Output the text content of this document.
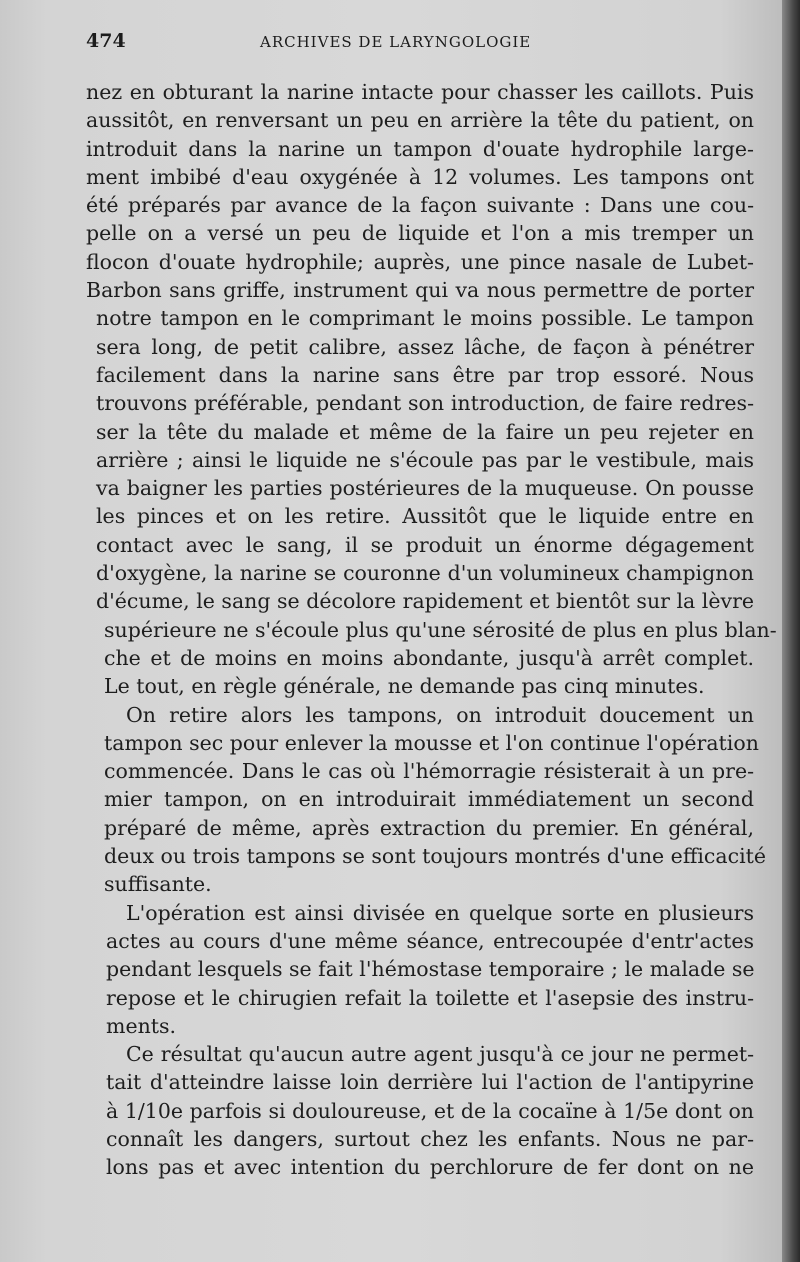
474	ARCHIVES DE LARYNGOLOGIE
nez en obturant la narine intacte pour chasser les caillots. Puis
aussitôt, en renversant un peu en arrière la tête du patient, on
introduit dans la narine un tampon d'ouate hydrophile large-
ment imbibé d'eau oxygénée à 12 volumes. Les tampons ont
été préparés par avance de la façon suivante : Dans une cou-
pelle on a versé un peu de liquide et l'on a mis tremper un
flocon d'ouate hydrophile; auprès, une pince nasale de Lubet-
Barbon sans griffe, instrument qui va nous permettre de porter
notre tampon en le comprimant le moins possible. Le tampon
sera long, de petit calibre, assez lâche, de façon à pénétrer
facilement dans la narine sans être par trop essoré. Nous
trouvons préférable, pendant son introduction, de faire redres-
ser la tête du malade et même de la faire un peu rejeter en
arrière ; ainsi le liquide ne s'écoule pas par le vestibule, mais
va baigner les parties postérieures de la muqueuse. On pousse
les pinces et on les retire. Aussitôt que le liquide entre en
contact avec le sang, il se produit un énorme dégagement
d'oxygène, la narine se couronne d'un volumineux champignon
d'écume, le sang se décolore rapidement et bientôt sur la lèvre
supérieure ne s'écoule plus qu'une sérosité de plus en plus blan-
che et de moins en moins abondante, jusqu'à arrêt complet.
Le tout, en règle générale, ne demande pas cinq minutes.
On retire alors les tampons, on introduit doucement un
tampon sec pour enlever la mousse et l'on continue l'opération
commencée. Dans le cas où l'hémorragie résisterait à un pre-
mier tampon, on en introduirait immédiatement un second
préparé de même, après extraction du premier. En général,
deux ou trois tampons se sont toujours montrés d'une efficacité
suffisante.
L'opération est ainsi divisée en quelque sorte en plusieurs
actes au cours d'une même séance, entrecoupée d'entr'actes
pendant lesquels se fait l'hémostase temporaire ; le malade se
repose et le chirugien refait la toilette et l'asepsie des instru-
ments.
Ce résultat qu'aucun autre agent jusqu'à ce jour ne permet-
tait d'atteindre laisse loin derrière lui l'action de l'antipyrine
à 1/10e parfois si douloureuse, et de la cocaïne à 1/5e dont on
connaît les dangers, surtout chez les enfants. Nous ne par-
lons pas et avec intention du perchlorure de fer dont on ne
